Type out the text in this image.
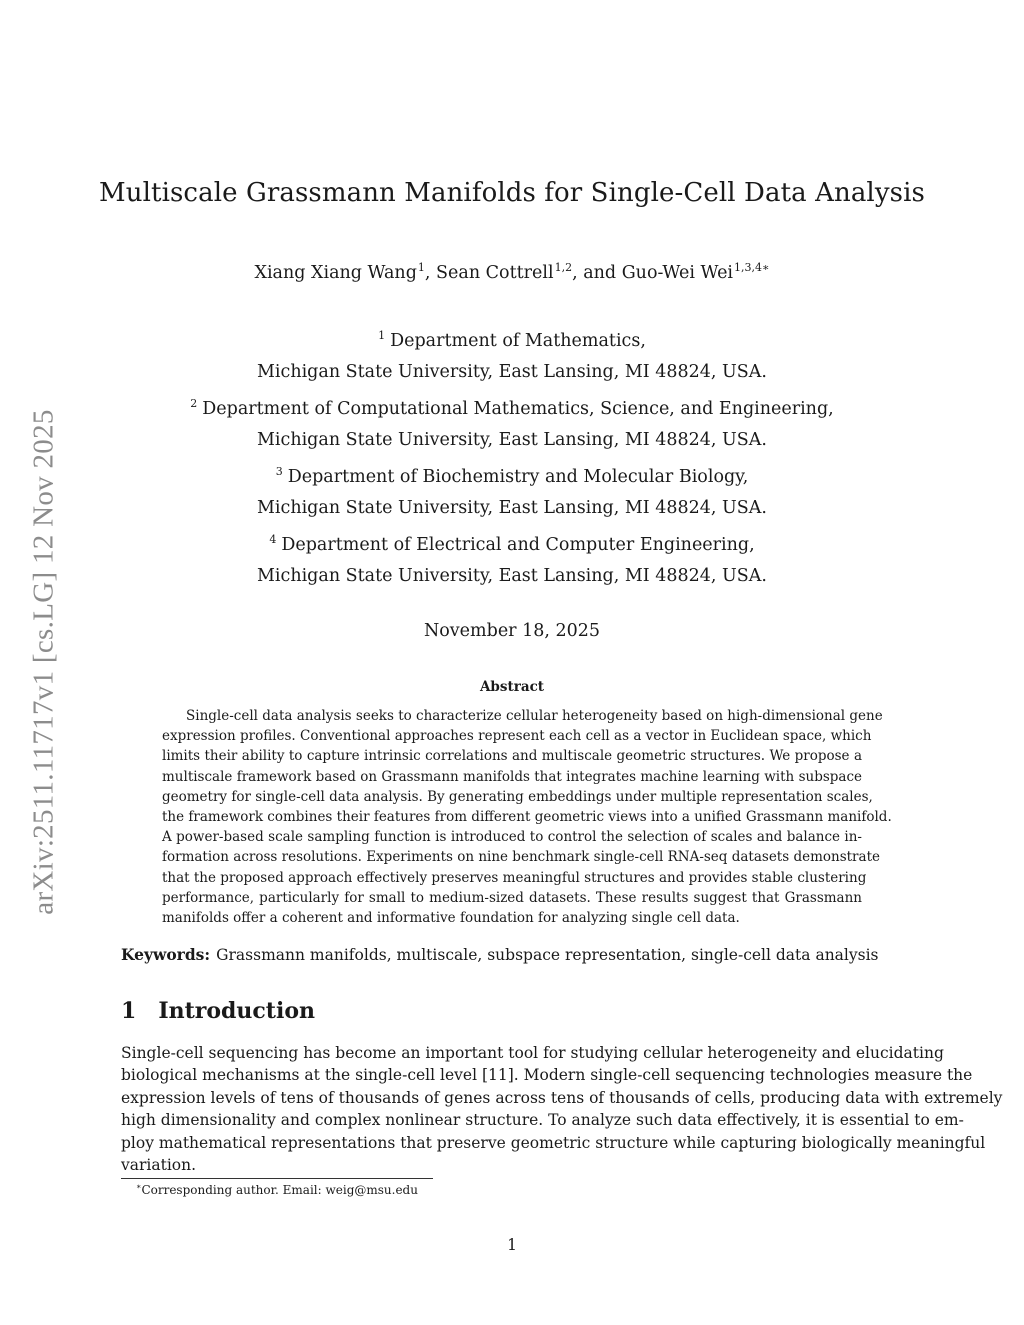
arXiv:2511.11717v1 [cs.LG] 12 Nov 2025
Multiscale Grassmann Manifolds for Single-Cell Data Analysis
Xiang Xiang Wang$^1$, Sean Cottrell$^{1,2}$, and Guo-Wei Wei$^{1,3,4∗}$
$^1$ Department of Mathematics,
Michigan State University, East Lansing, MI 48824, USA.
$^2$ Department of Computational Mathematics, Science, and Engineering,
Michigan State University, East Lansing, MI 48824, USA.
$^3$ Department of Biochemistry and Molecular Biology,
Michigan State University, East Lansing, MI 48824, USA.
$^4$ Department of Electrical and Computer Engineering,
Michigan State University, East Lansing, MI 48824, USA.
November 18, 2025
Abstract
Single-cell data analysis seeks to characterize cellular heterogeneity based on high-dimensional gene
expression profiles. Conventional approaches represent each cell as a vector in Euclidean space, which
limits their ability to capture intrinsic correlations and multiscale geometric structures. We propose a
multiscale framework based on Grassmann manifolds that integrates machine learning with subspace
geometry for single-cell data analysis. By generating embeddings under multiple representation scales,
the framework combines their features from different geometric views into a unified Grassmann manifold.
A power-based scale sampling function is introduced to control the selection of scales and balance in-
formation across resolutions. Experiments on nine benchmark single-cell RNA-seq datasets demonstrate
that the proposed approach effectively preserves meaningful structures and provides stable clustering
performance, particularly for small to medium-sized datasets. These results suggest that Grassmann
manifolds offer a coherent and informative foundation for analyzing single cell data.
Keywords: Grassmann manifolds, multiscale, subspace representation, single-cell data analysis
1 Introduction
Single-cell sequencing has become an important tool for studying cellular heterogeneity and elucidating
biological mechanisms at the single-cell level [11]. Modern single-cell sequencing technologies measure the
expression levels of tens of thousands of genes across tens of thousands of cells, producing data with extremely
high dimensionality and complex nonlinear structure. To analyze such data effectively, it is essential to em-
ploy mathematical representations that preserve geometric structure while capturing biologically meaningful
variation.
∗Corresponding author. Email: weig@msu.edu
1
